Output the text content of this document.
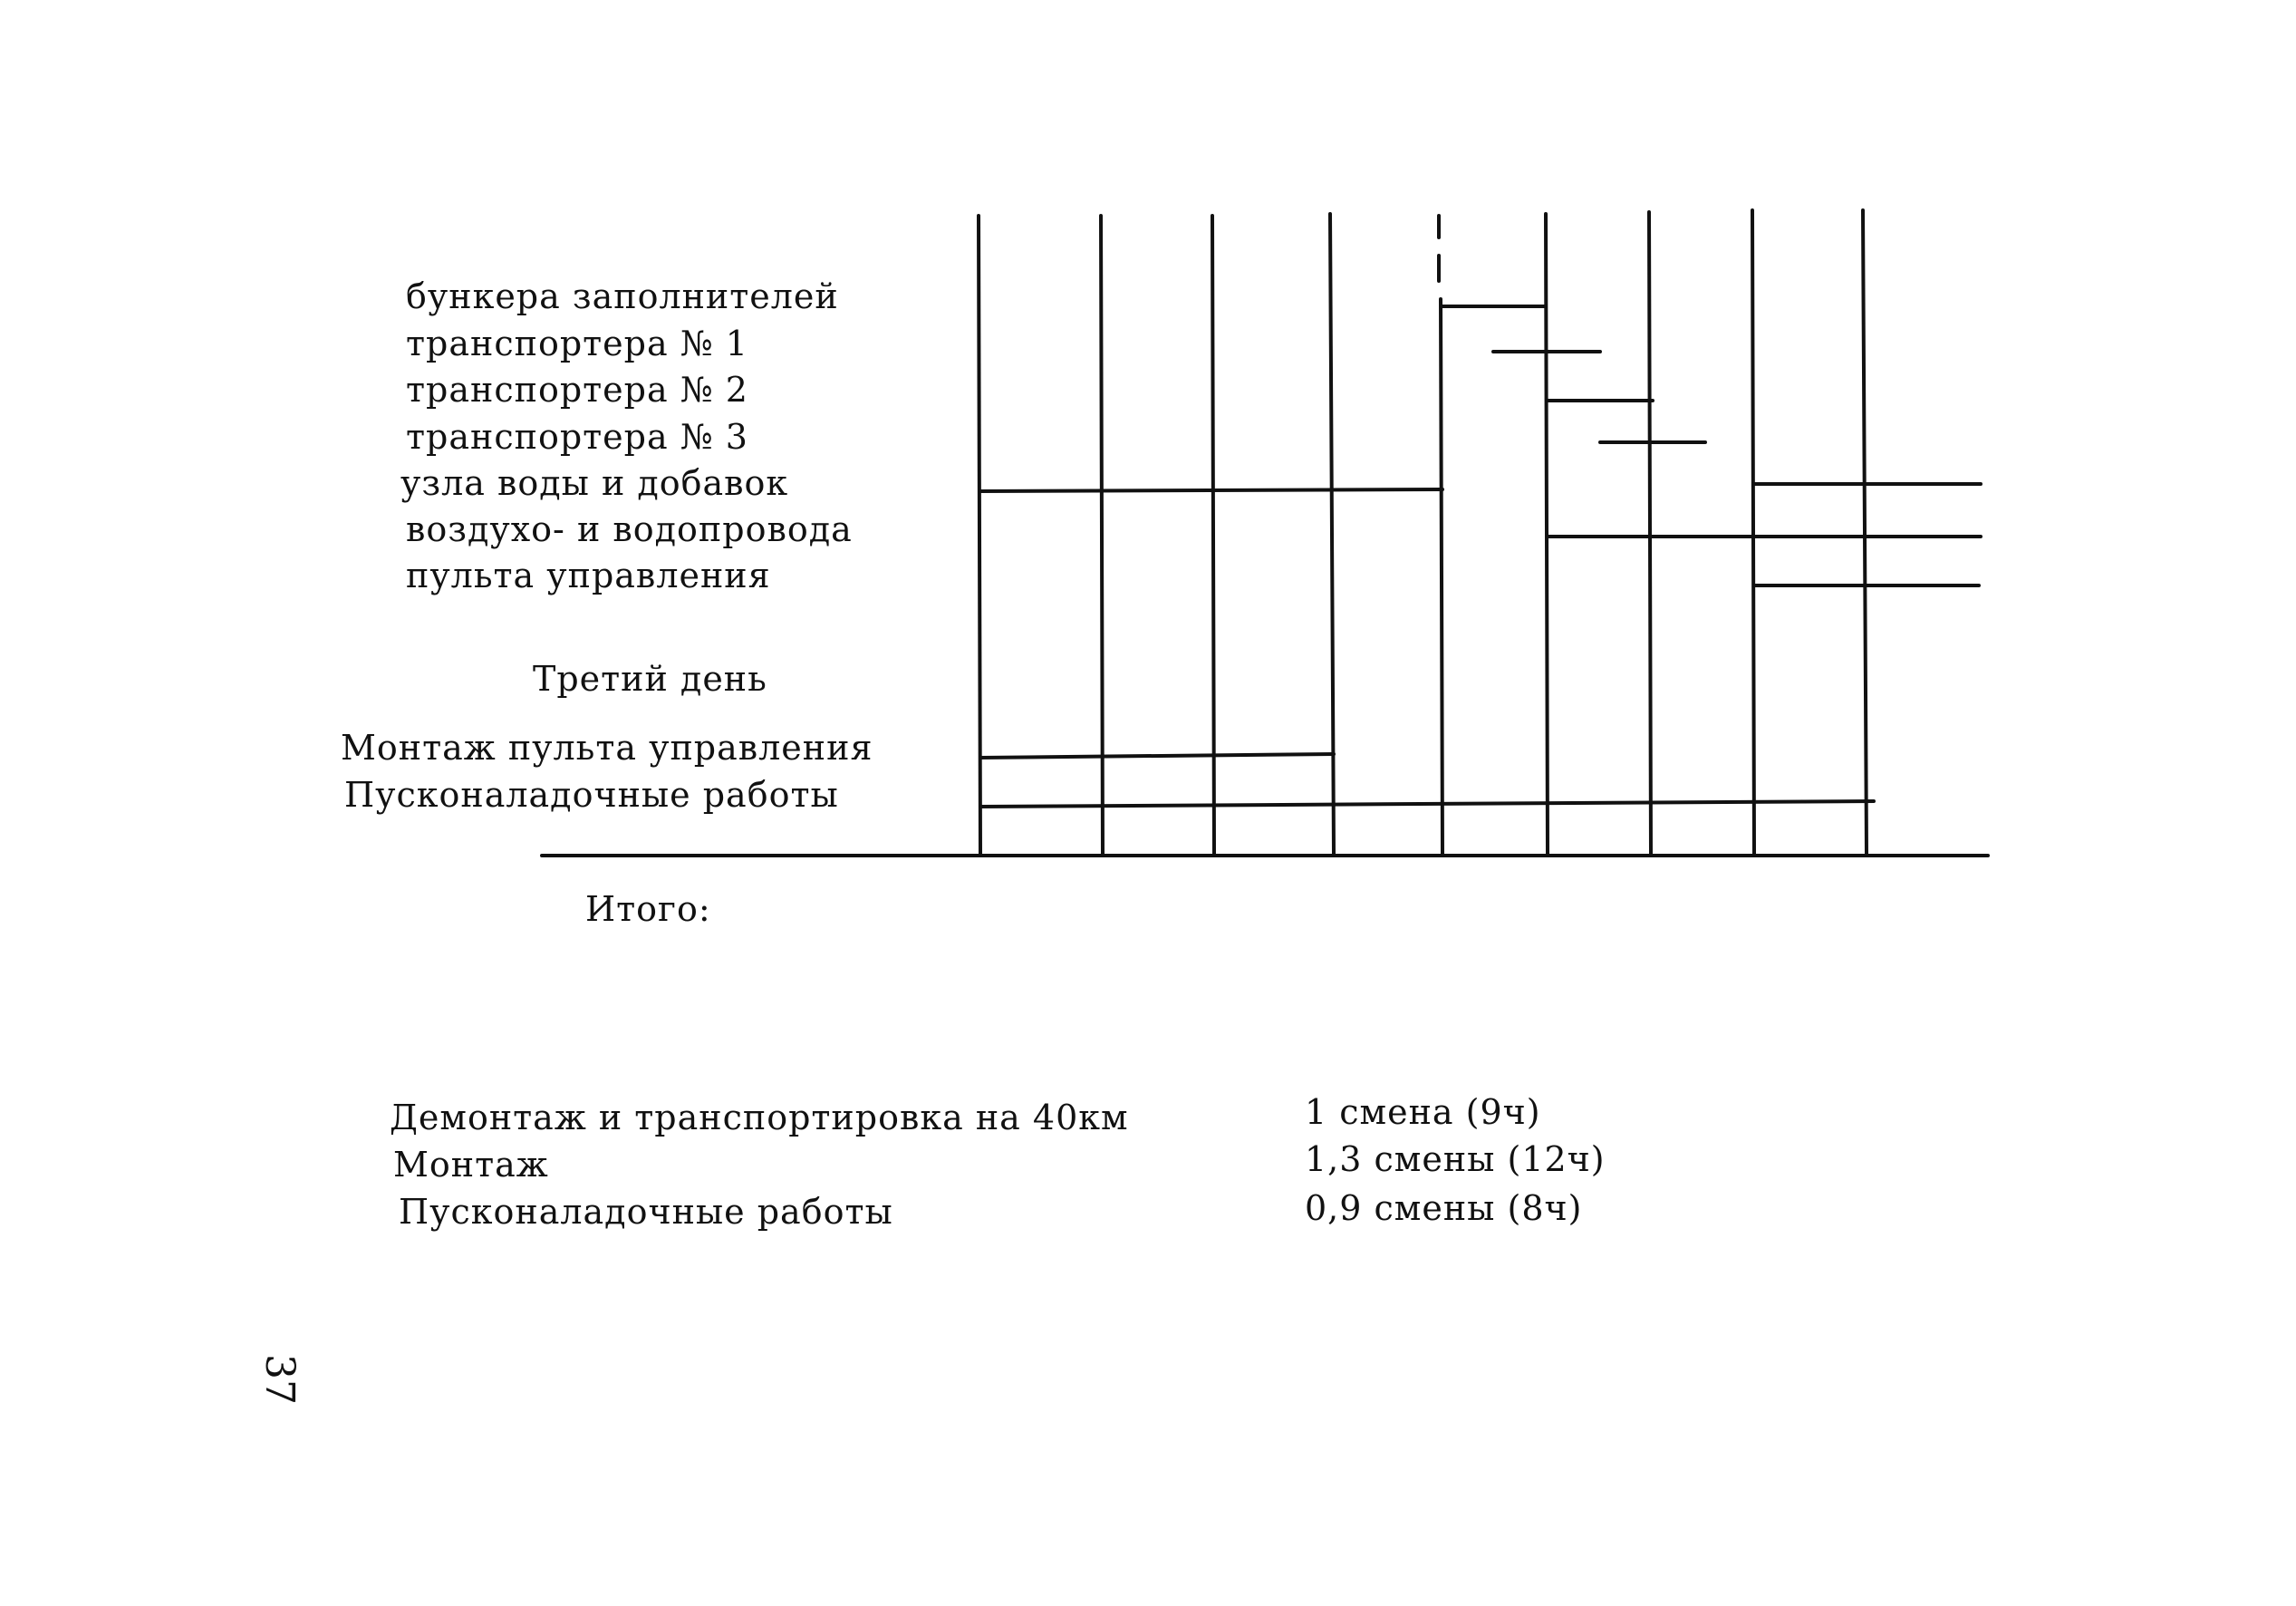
бункера заполнителей
транспортера № 1
транспортера № 2
транспортера № 3
узла воды и добавок
воздухо- и водопровода
пульта управления
Третий день
Монтаж пульта управления
Пусконаладочные работы
Итого:
Демонтаж и транспортировка на 40км	1 смена (9ч)
Монтаж	1,3 смены (12ч)
Пусконаладочные работы	0,9 смены (8ч)
37
